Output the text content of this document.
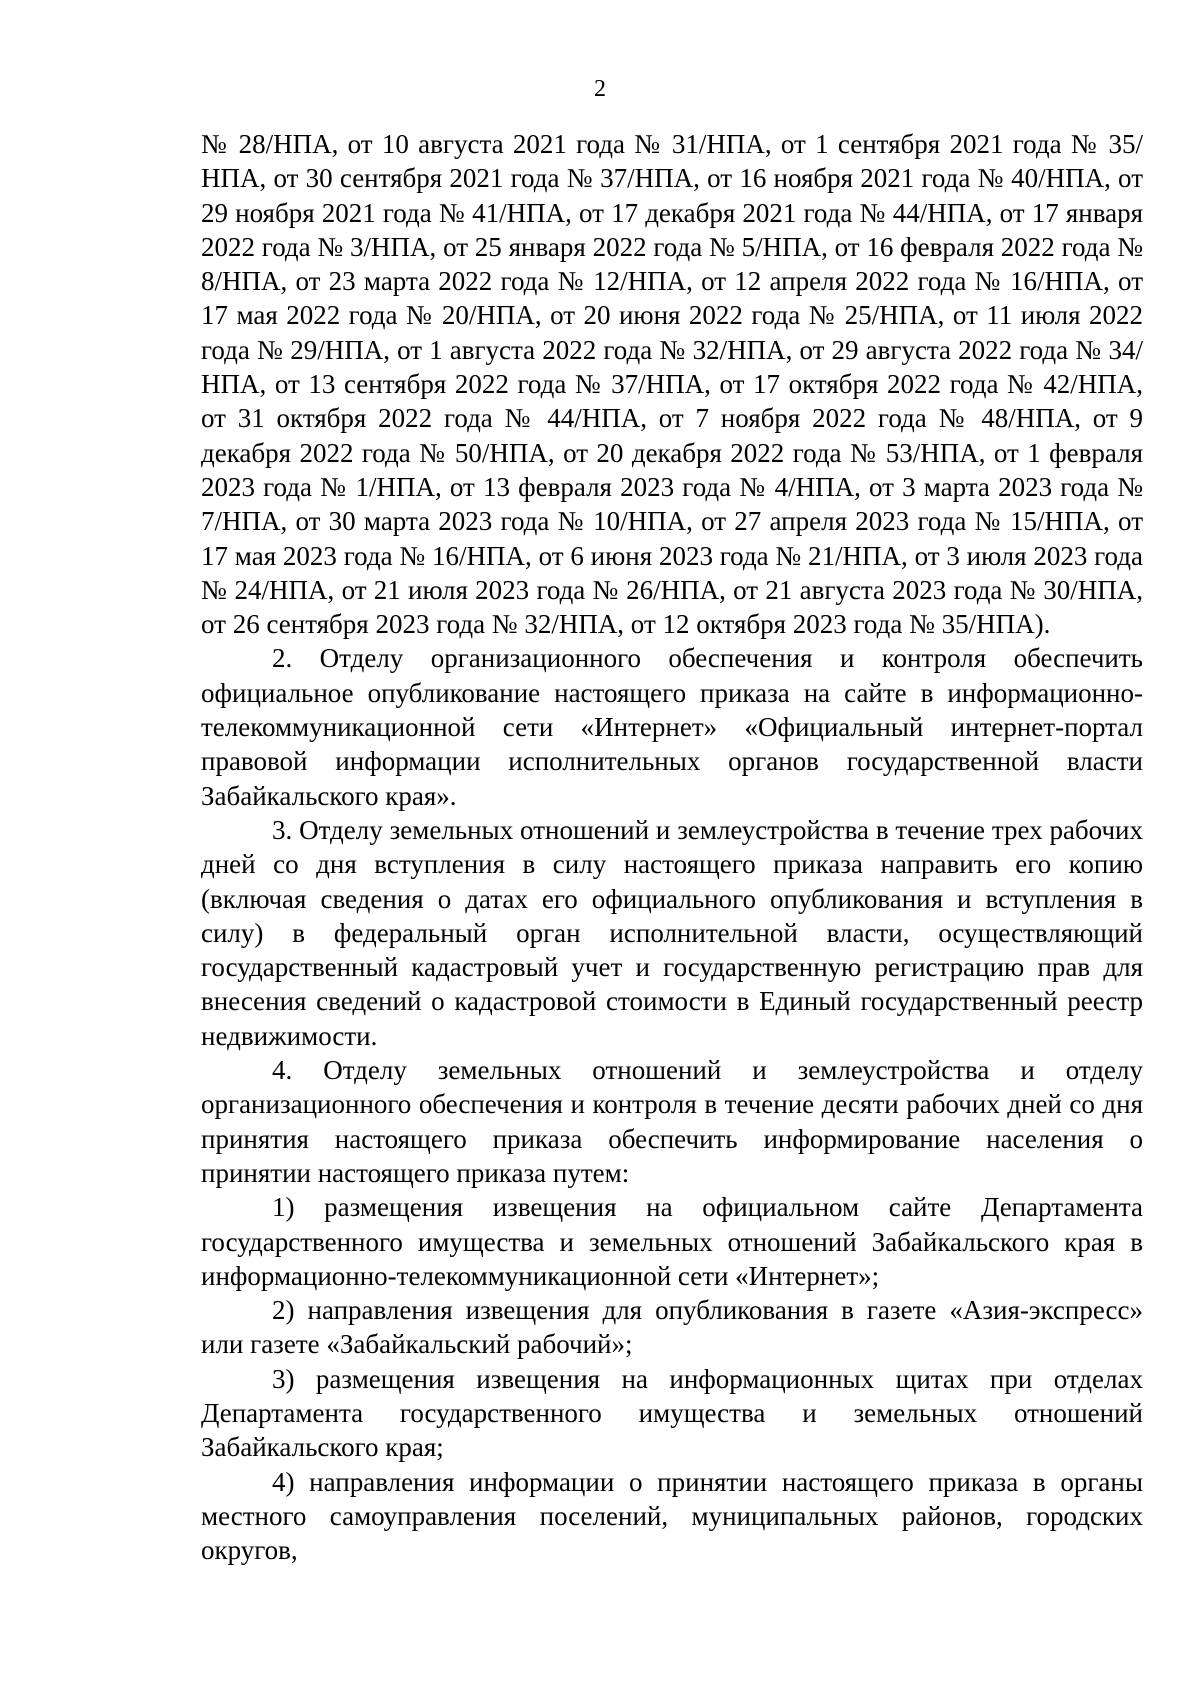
2

№ 28/НПА, от 10 августа 2021 года № 31/НПА, от 1 сентября 2021 года № 35/НПА, от 30 сентября 2021 года № 37/НПА, от 16 ноября 2021 года № 40/НПА, от 29 ноября 2021 года № 41/НПА, от 17 декабря 2021 года № 44/НПА, от 17 января 2022 года № 3/НПА, от 25 января 2022 года № 5/НПА, от 16 февраля 2022 года № 8/НПА, от 23 марта 2022 года № 12/НПА, от 12 апреля 2022 года № 16/НПА, от 17 мая 2022 года № 20/НПА, от 20 июня 2022 года № 25/НПА, от 11 июля 2022 года № 29/НПА, от 1 августа 2022 года № 32/НПА, от 29 августа 2022 года № 34/НПА, от 13 сентября 2022 года № 37/НПА, от 17 октября 2022 года № 42/НПА, от 31 октября 2022 года № 44/НПА, от 7 ноября 2022 года № 48/НПА, от 9 декабря 2022 года № 50/НПА, от 20 декабря 2022 года № 53/НПА, от 1 февраля 2023 года № 1/НПА, от 13 февраля 2023 года № 4/НПА, от 3 марта 2023 года № 7/НПА, от 30 марта 2023 года № 10/НПА, от 27 апреля 2023 года № 15/НПА, от 17 мая 2023 года № 16/НПА, от 6 июня 2023 года № 21/НПА, от 3 июля 2023 года № 24/НПА, от 21 июля 2023 года № 26/НПА, от 21 августа 2023 года № 30/НПА, от 26 сентября 2023 года № 32/НПА, от 12 октября 2023 года № 35/НПА).

2. Отделу организационного обеспечения и контроля обеспечить официальное опубликование настоящего приказа на сайте в информационно-телекоммуникационной сети «Интернет» «Официальный интернет-портал правовой информации исполнительных органов государственной власти Забайкальского края».

3. Отделу земельных отношений и землеустройства в течение трех рабочих дней со дня вступления в силу настоящего приказа направить его копию (включая сведения о датах его официального опубликования и вступления в силу) в федеральный орган исполнительной власти, осуществляющий государственный кадастровый учет и государственную регистрацию прав для внесения сведений о кадастровой стоимости в Единый государственный реестр недвижимости.

4. Отделу земельных отношений и землеустройства и отделу организационного обеспечения и контроля в течение десяти рабочих дней со дня принятия настоящего приказа обеспечить информирование населения о принятии настоящего приказа путем:

1) размещения извещения на официальном сайте Департамента государственного имущества и земельных отношений Забайкальского края в информационно-телекоммуникационной сети «Интернет»;

2) направления извещения для опубликования в газете «Азия-экспресс» или газете «Забайкальский рабочий»;

3) размещения извещения на информационных щитах при отделах Департамента государственного имущества и земельных отношений Забайкальского края;

4) направления информации о принятии настоящего приказа в органы местного самоуправления поселений, муниципальных районов, городских округов,
